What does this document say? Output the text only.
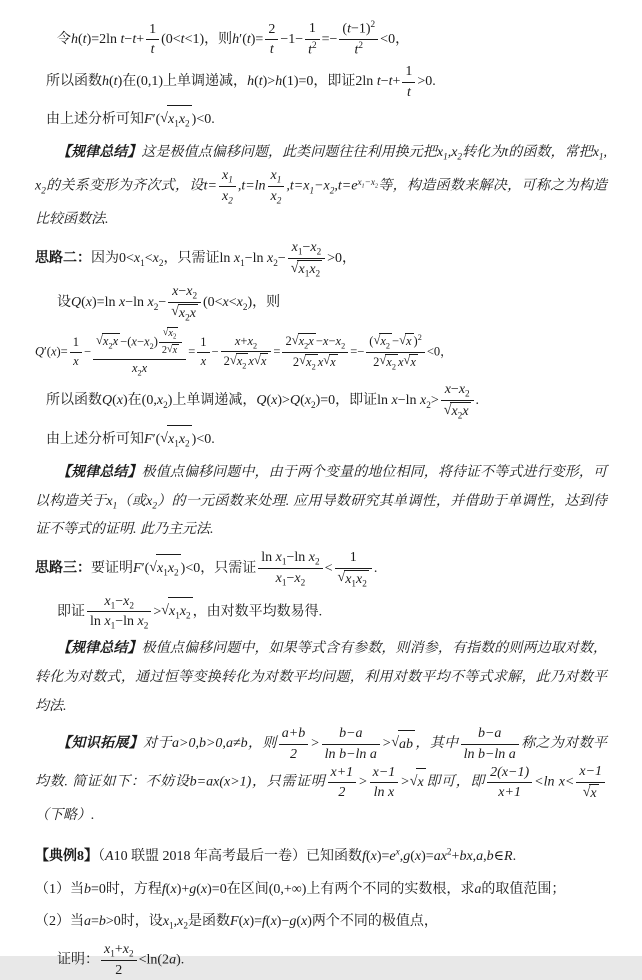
令h(t)=2ln $t-t+ \frac{1}{t} (0<t<1)$，则$h'(t)= \frac{2}{t} -1- \frac{1}{t^2} =- \frac{(t-1)^2}{t^2} <0$，

所以函数h(t)在(0,1)上单调递减，h(t)>h(1)=0，即证2ln $t-t+ \frac{1}{t} >0$.

由上述分析可知$F'(√x_1x_2$ )<0.

【规律总结】这是极值点偏移问题，此类问题往往利用换元把$x_1,x_2$转化为t的函数，常把$x_1,x_2$的关系变形为齐次式，设$t= \frac{x_1}{x_2} ,t=\ln \frac{x_1}{x_2} ,t=x_1-x_2,t=e^{x_1-x_2}$等，构造函数来解决，可称之为构造比较函数法.

思路二：因为$0<x_1<x_2$，只需证$\ln x_1-\ln$ $x_2- \frac{x_1-x_2}{√x_1x_2} >0$，

设Q(x)=ln x−ln $x_2- \frac{x-x_2}{√x_2x} (0<x<x_2)$，则

$Q'(x)= \frac{1}{x} - \frac{√x_2x -(x-x_2) \frac{√x_2}{2√x}}{x_2x} = \frac{1}{x} - \frac{x+x_2}{2√x_2 x√x} = \frac{2√x_2x -x-x_2}{2√x_2 x√x} =- \frac{(√x_2 -√x )^2}{2√x_2 x√x} <0$，

所以函数Q(x)在$(0,x_2)$上单调递减，$Q(x)>Q(x_2)=0$，即证ln x−ln $x_2> \frac{x-x_2}{√x_2x}$ .

由上述分析可知$F'(√x_1x_2$ )<0.

【规律总结】极值点偏移问题中，由于两个变量的地位相同，将待证不等式进行变形，可以构造关于$x_1$（或$x_2$）的一元函数来处理. 应用导数研究其单调性，并借助于单调性，达到待证不等式的证明. 此乃主元法.

思路三：要证明$F'(√x_1x_2$ )<0，只需证 $\frac{\ln x_1-\ln x_2}{x_1-x_2} < \frac{1}{√x_1x_2}$ .

即证 $\frac{x_1-x_2}{\ln x_1-\ln x_2} >√x_1x_2$ ，由对数平均数易得.

【规律总结】极值点偏移问题中，如果等式含有参数，则消参，有指数的则两边取对数，转化为对数式，通过恒等变换转化为对数平均问题，利用对数平均不等式求解，此乃对数平均法.

【知识拓展】对于a>0,b>0,a≠b，则 $\frac{a+b}{2} > \frac{b-a}{\text{ln b−ln a}} >√ab$ ，其中 $\frac{b-a}{\text{ln b−ln a}}$ 称之为对数平均数. 简证如下：不妨设b=ax(x>1)，只需证明 $\frac{x+1}{2} > \frac{x-1}{\text{ln x}} >√x$ 即可，即 $\frac{2(x-1)}{x+1} <\ln$ $x< \frac{x-1}{√x}$
（下略）.

【典例8】（A10 联盟 2018 年高考最后一卷）已知函数$f(x)=e^x,g(x)=ax^2+bx,a,b\in R$.

（1）当b=0时，方程f(x)+g(x)=0在区间(0,+∞)上有两个不同的实数根，求a的取值范围；

（2）当a=b>0时，设$x_1,x_2$是函数F(x)=f(x)−g(x)两个不同的极值点，

证明： $\frac{x_1+x_2}{2} <\ln(2a)$.
